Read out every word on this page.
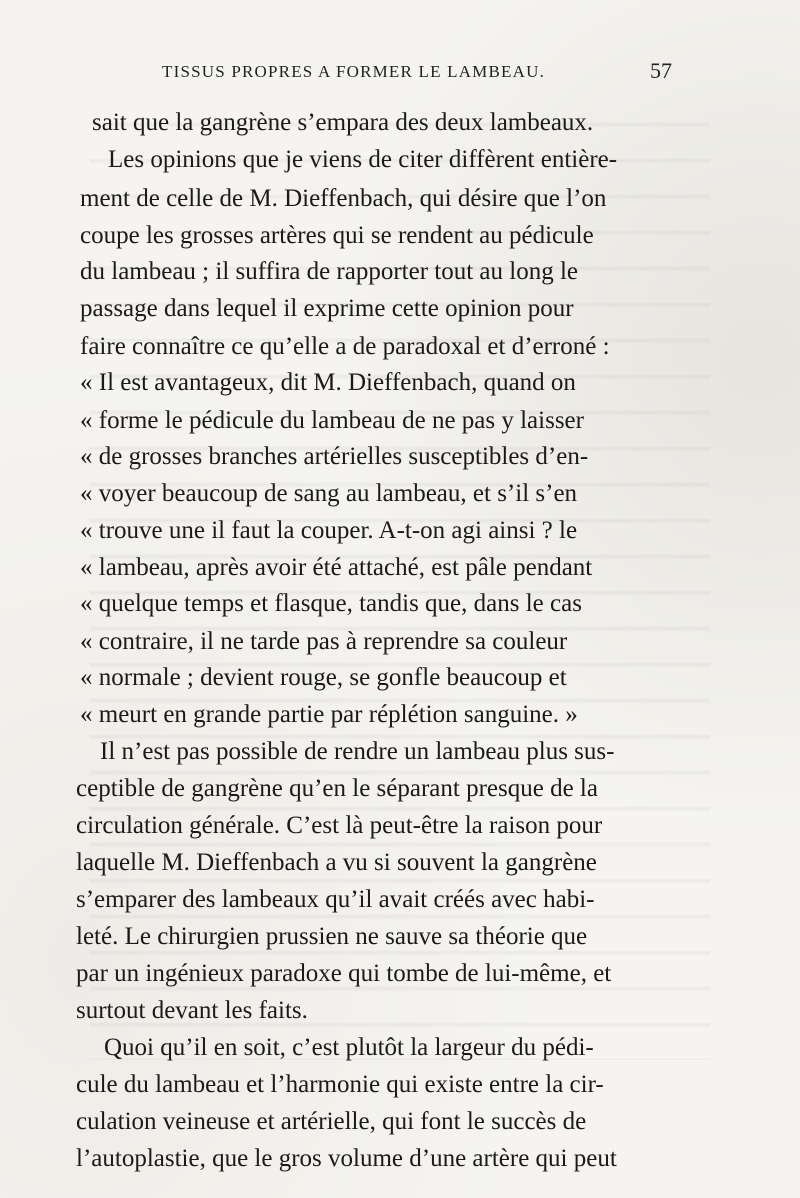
TISSUS PROPRES A FORMER LE LAMBEAU.	57
sait que la gangrène s’empara des deux lambeaux.
Les opinions que je viens de citer diffèrent entière-
ment de celle de M. Dieffenbach, qui désire que l’on
coupe les grosses artères qui se rendent au pédicule
du lambeau ; il suffira de rapporter tout au long le
passage dans lequel il exprime cette opinion pour
faire connaître ce qu’elle a de paradoxal et d’erroné :
« Il est avantageux, dit M. Dieffenbach, quand on
« forme le pédicule du lambeau de ne pas y laisser
« de grosses branches artérielles susceptibles d’en-
« voyer beaucoup de sang au lambeau, et s’il s’en
« trouve une il faut la couper. A-t-on agi ainsi ? le
« lambeau, après avoir été attaché, est pâle pendant
« quelque temps et flasque, tandis que, dans le cas
« contraire, il ne tarde pas à reprendre sa couleur
« normale ; devient rouge, se gonfle beaucoup et
« meurt en grande partie par réplétion sanguine. »
Il n’est pas possible de rendre un lambeau plus sus-
ceptible de gangrène qu’en le séparant presque de la
circulation générale. C’est là peut-être la raison pour
laquelle M. Dieffenbach a vu si souvent la gangrène
s’emparer des lambeaux qu’il avait créés avec habi-
leté. Le chirurgien prussien ne sauve sa théorie que
par un ingénieux paradoxe qui tombe de lui-même, et
surtout devant les faits.
Quoi qu’il en soit, c’est plutôt la largeur du pédi-
cule du lambeau et l’harmonie qui existe entre la cir-
culation veineuse et artérielle, qui font le succès de
l’autoplastie, que le gros volume d’une artère qui peut
